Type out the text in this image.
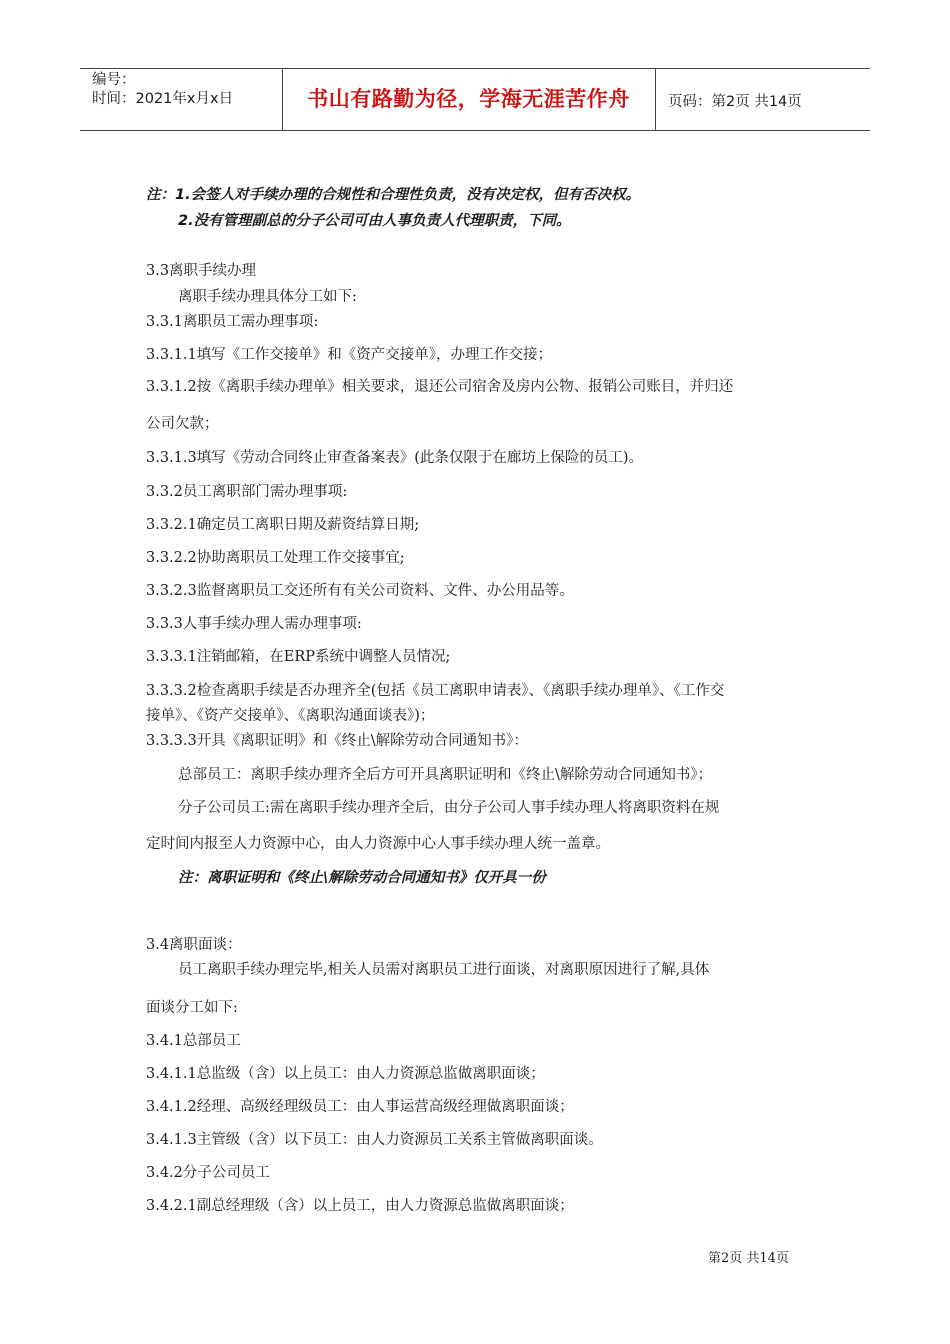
编号：
时间：2021年x月x日	书山有路勤为径，学海无涯苦作舟	页码：第2页 共14页
注：1.会签人对手续办理的合规性和合理性负责，没有决定权，但有否决权。
2.没有管理副总的分子公司可由人事负责人代理职责，下同。
3.3离职手续办理
离职手续办理具体分工如下:
3.3.1离职员工需办理事项:
3.3.1.1填写《工作交接单》和《资产交接单》，办理工作交接；
3.3.1.2按《离职手续办理单》相关要求，退还公司宿舍及房内公物、报销公司账目，并归还
公司欠款；
3.3.1.3填写《劳动合同终止审查备案表》(此条仅限于在廊坊上保险的员工)。
3.3.2员工离职部门需办理事项:
3.3.2.1确定员工离职日期及薪资结算日期;
3.3.2.2协助离职员工处理工作交接事宜;
3.3.2.3监督离职员工交还所有有关公司资料、文件、办公用品等。
3.3.3人事手续办理人需办理事项:
3.3.3.1注销邮箱，在ERP系统中调整人员情况;
3.3.3.2检查离职手续是否办理齐全(包括《员工离职申请表》、《离职手续办理单》、《工作交
接单》、《资产交接单》、《离职沟通面谈表》)；
3.3.3.3开具《离职证明》和《终止\解除劳动合同通知书》：
总部员工：离职手续办理齐全后方可开具离职证明和《终止\解除劳动合同通知书》；
分子公司员工:需在离职手续办理齐全后，由分子公司人事手续办理人将离职资料在规
定时间内报至人力资源中心，由人力资源中心人事手续办理人统一盖章。
注：离职证明和《终止\解除劳动合同通知书》仅开具一份
3.4离职面谈：
员工离职手续办理完毕,相关人员需对离职员工进行面谈，对离职原因进行了解,具体
面谈分工如下:
3.4.1总部员工
3.4.1.1总监级（含）以上员工：由人力资源总监做离职面谈；
3.4.1.2经理、高级经理级员工：由人事运营高级经理做离职面谈；
3.4.1.3主管级（含）以下员工：由人力资源员工关系主管做离职面谈。
3.4.2分子公司员工
3.4.2.1副总经理级（含）以上员工，由人力资源总监做离职面谈；
第2页 共14页
